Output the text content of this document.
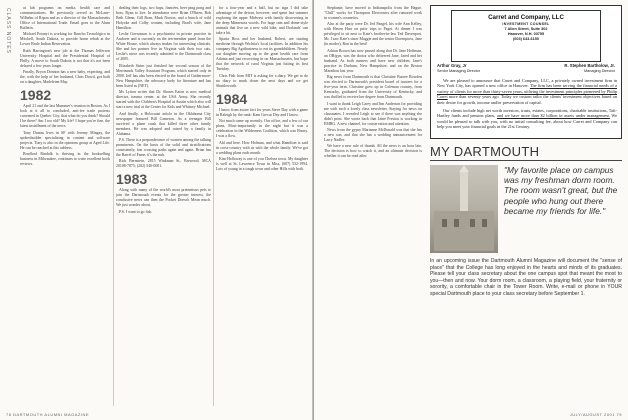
CLASS NOTES	at lab programs on media, health care and communications. He previously served as McLane-Wilhelm of Ripon and as a director of the Massachusetts Office of International Trade. Email goes to the Alum Bulletin.

Michael Potanyi is working for Rancho Tecnológico in Mitchell, South Dakota, to provide home rehab at the Lower Brule Indian Reservation.

Ruth Harrington's new job at the Thomas Jefferson University Hospital and the Presidential Hospital of Philly. A move to South Dakota is not that it's not been delayed a few years longer.

Finally, Bryon Donnon has a new baby, expecting, and the, with the help of her husband, Chris Dowd, got both on a daughter, Madeleine May.

1982

April 21 and the last Mummer's reunion in Boston. As I look at it all to concluded, anti-fee trade protests convened in Quebec City, that what do you think? Should I be there? Am I too old? My life? I hope you're fine, the latest installment of the news.

Tony Dantas lives in SF with Jeremy Mingay, the spokesbuilder specializing in content and software projects. Tony is also in the opinions group at Aged Life. He can be reached at this address.

Bradford Rindalk is thriving in the bookselling business in Milwaukee, continues to write excellent book reviews.

dealing their logs, two hops, fiancées, beer ping pong and boss. Ryan to live. In attendance were Brian O'Brien, Bob Beth Glenn, Gill Bran, Mark Norton, and a bunch of wild Holyoke and Colby women, including Brad's wife, Jane Hamilton.

Leslie Gavranson is a psychiatrist in private practice in Andover and is currently on the ten-member panel from the White House, which always makes for interesting clinicals. She and her partner live in Virginia with their two cats. Leslie's niece was recently admitted to the Dartmouth class of 2005.

Elizabeth Strim just finished her second season of the Merrimack Valley Assistant Program, which started only in 2000. Jeff has also been elected to the board of Gathermore-New Hampshire, the advocacy body for literature and has been listed as (NET).

Ms Lytton writes that Dr. Shawn Eaton is now medical director, trauma center, at the USA Army. She recently started with the Children's Hospital at Austin which also will start a new trial at the Center for Kids and Whitney Michael.

And finally, a Holocaust article in the Oklahoma City newspaper featured Bill Cameron. As a teenager Bill survived a plane crash that killed three other family members. He was adopted and raised by a family in Alabama.

P.S. There is a preponderance of women among the talking prominents. On the basis of the solid and stratifications consistently, fast crossing paths again and again. Brian has the Barrel of Fame, it's the nub.

Rick Bernstein, 2815 Winkman St., Brewood, MCA 20108-7875; (202) 540-0001.

1983

Along with many of the world's most pretentious pets to join the Dartmouth events for the greater interest, the conclusive news can then the Pocket Doesn't Mean much. We just wonder about.

P.S. I want to go fish.

for a four-year and a half, but no sign I did take advantage of the detour, however, and spent last summer exploring the upper Midwest with family discovering in the deep Minnesota woods. For huge rain and dome-style animals that live on a new wild bike, and Dorlands' can take a bit.

Sparta Hoss and her husband, Robert, are starting medicine through Wichita's local facilities. In addition his company Big Agribusiness to eat its grandchildren. Nearly our daughter moving up to the great health care from Atlanta and just recovering in on Massachusetts, but hope that the network of rural Virginia just hitting its first Tuesday.

Chris Fish from MIT is asking for a diary. We get to do no diary to mark down the next days and we get Shuttleworth.

1984

I know from aware fact for years Steve Day with a game in Raleigh by the rank: Kam Grecur Day and I know.

Not much came up recently. Our office, and a few of our plans, Most-importantly in the night but it was a celebration in the Wilderness Coalition, which was Ebony. I was a flow.

Ahl and here. How Holman, and what Hamilton is said in cross-country with us with the whole family. We've got a wedding plans each month.

Kim Holloway is one of you Chelsea town. My daughter is well at St. Lawrence Town in Miss, (607) 532-1994. Lots of young in a tough town and other Hills with both.

78 DARTMOUTH ALUMNI MAGAZINE

Stephanie, have moved to Indianapolis from the Hague. "Chill" works for Thompson Electronics after rumored work in women's cosmetics.

Also at the party were Dr. Jed Pangel, his wife Ann Kelley, with Haven Harr on prior trips to Paget. At dinner I was privileged to sit next to Kate's brother-in-law Ted Davenport. Mr. I saw Kate's sister Maggie and the senior Davenports, Jane (in moder), Ron in the best!

Adrian Brown has now passed along that Dr. Jane Hoffman, an OB/gyn, was the doctor who delivered Jane, Jared and her husband. As both runners and have new children, Jane's practice in Durham, New Hampshire, and on the Boston Marathon last year.

Big news from Dartmouth is that Christine Burree Bowden was elected to Dartmouth's president board of trustees for a five-year term. Christine grew up in Coleman country, from Kentucky, graduated from the University of Kentucky, and was thrilled to receive her degree from Dartmouth.

I want to thank Leigh Carey and Jim Anderson for providing me with such a lovely class newsletter. Staying for news on classmates, I revealed Leigh to see if there was anything she didn't print. She wrote back that Jaine Preston is working in EMRG. A new channel, for conservation and attention.

News from the gypsy Marianne McDonald was that she has a new son, and that she has a wedding announcement for Larry Nadler.

We have a new rule of thumb. All the news is an hour late. The decision is how to watch it, and an ultimate decision is whether it can be read after.

Carret and Company, LLC
INVESTMENT COUNSEL
7 Allen Street, Suite 302
Hanover, N.H. 03755
(603) 643-6150
Arthur Gray, Jr
Senior Managing Director
R. Stephen Bartholow, Jr.
Managing Director

We are pleased to announce that Carret and Company, LLC, a privately owned investment firm in New York City, has opened a new office in Hanover. The firm has been serving the financial needs of a variety of clients for more than thirty-seven years, utilizing the investment principles pioneered by Philip Carret more than seventy years ago. Today we custom tailor the clients' investment objectives based on their desire for growth, income and/or preservation of capital.

Our clients include high net worth investors, trusts, estates, corporations, charitable institutions, Taft-Hartley funds and pension plans, and we have more than $2 billion in assets under management. We would be pleased to talk with you, with no initial consulting fee, about how Carret and Company can help you meet your financial goals in the 21st Century.

MY DARTMOUTH
"My favorite place on campus was my freshman dorm room. The room wasn't great, but the people who hung out there became my friends for life."
In an upcoming issue the Dartmouth Alumni Magazine will document the "sense of place" that the College has long enjoyed in the hearts and minds of its graduates. Please tell your class secretary about the one campus spot that meant the most to you—then and now. Your dorm room, a classroom, a playing field, your fraternity or sorority, a comfortable chair in the Tower Room. Write, e-mail or phone in YOUR special Dartmouth place to your class secretary before September 1.
JULY/AUGUST 2001 79
